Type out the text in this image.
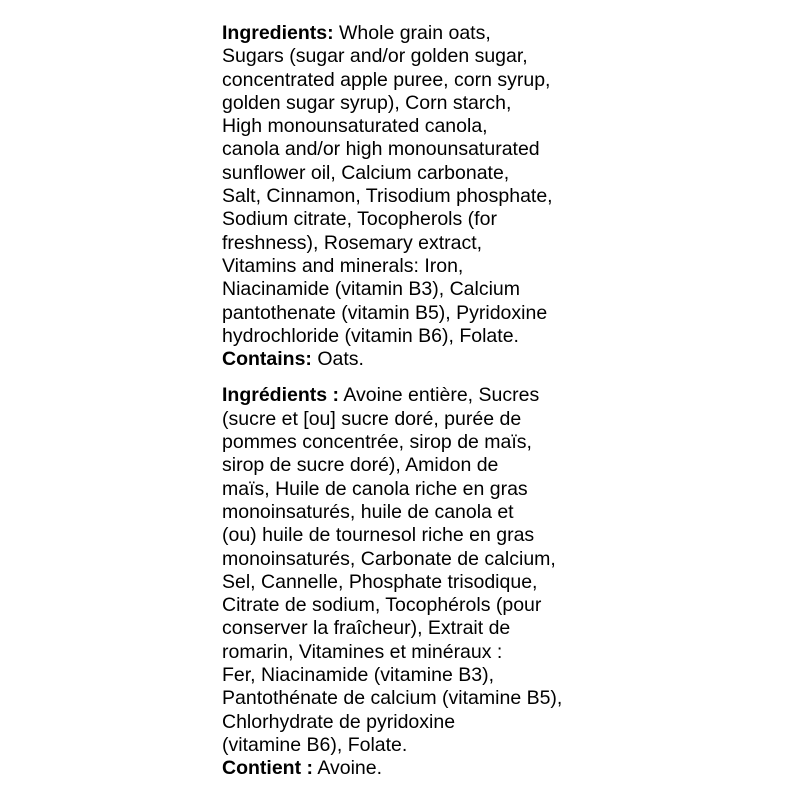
Ingredients: Whole grain oats,
Sugars (sugar and/or golden sugar,
concentrated apple puree, corn syrup,
golden sugar syrup), Corn starch,
High monounsaturated canola,
canola and/or high monounsaturated
sunflower oil, Calcium carbonate,
Salt, Cinnamon, Trisodium phosphate,
Sodium citrate, Tocopherols (for
freshness), Rosemary extract,
Vitamins and minerals: Iron,
Niacinamide (vitamin B3), Calcium
pantothenate (vitamin B5), Pyridoxine
hydrochloride (vitamin B6), Folate.
Contains: Oats.
Ingrédients : Avoine entière, Sucres
(sucre et [ou] sucre doré, purée de
pommes concentrée, sirop de maïs,
sirop de sucre doré), Amidon de
maïs, Huile de canola riche en gras
monoinsaturés, huile de canola et
(ou) huile de tournesol riche en gras
monoinsaturés, Carbonate de calcium,
Sel, Cannelle, Phosphate trisodique,
Citrate de sodium, Tocophérols (pour
conserver la fraîcheur), Extrait de
romarin, Vitamines et minéraux :
Fer, Niacinamide (vitamine B3),
Pantothénate de calcium (vitamine B5),
Chlorhydrate de pyridoxine
(vitamine B6), Folate.
Contient : Avoine.
